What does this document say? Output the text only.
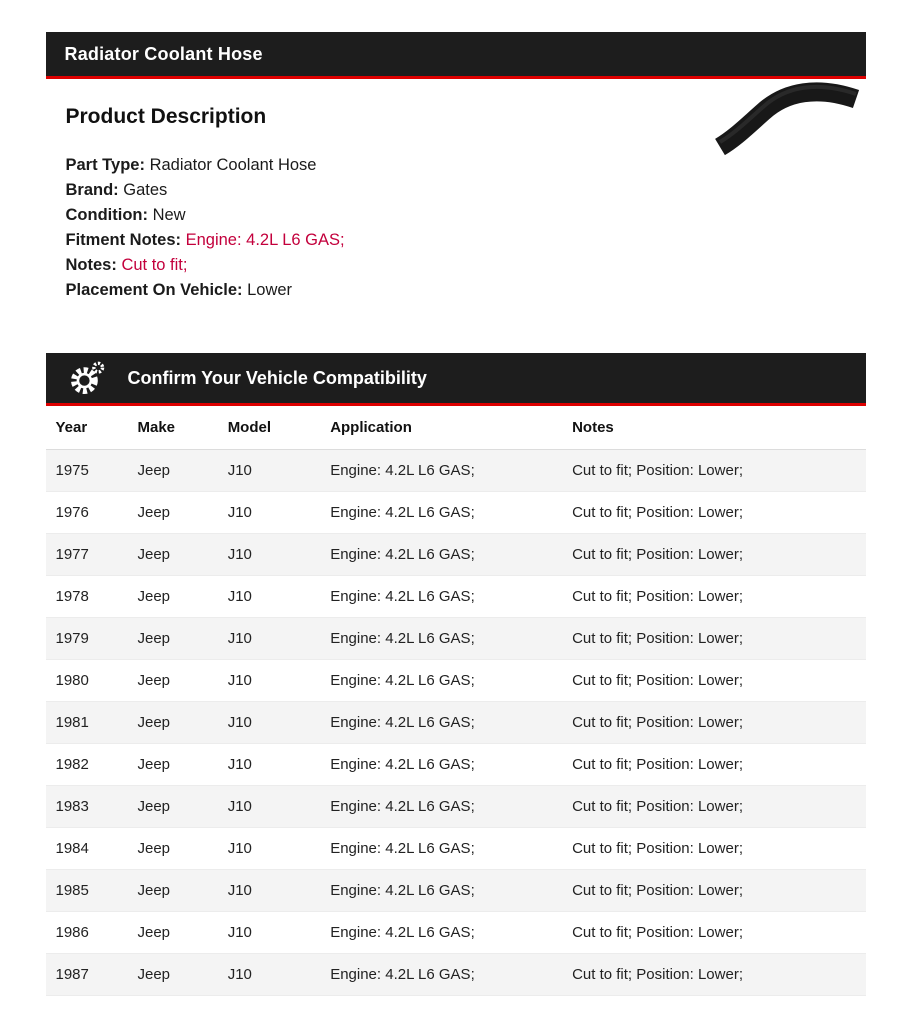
Radiator Coolant Hose
Product Description
Part Type: Radiator Coolant Hose
Brand: Gates
Condition: New
Fitment Notes: Engine: 4.2L L6 GAS;
Notes: Cut to fit;
Placement On Vehicle: Lower
Confirm Your Vehicle Compatibility
Year	Make	Model	Application	Notes
1975	Jeep	J10	Engine: 4.2L L6 GAS;	Cut to fit; Position: Lower;
1976	Jeep	J10	Engine: 4.2L L6 GAS;	Cut to fit; Position: Lower;
1977	Jeep	J10	Engine: 4.2L L6 GAS;	Cut to fit; Position: Lower;
1978	Jeep	J10	Engine: 4.2L L6 GAS;	Cut to fit; Position: Lower;
1979	Jeep	J10	Engine: 4.2L L6 GAS;	Cut to fit; Position: Lower;
1980	Jeep	J10	Engine: 4.2L L6 GAS;	Cut to fit; Position: Lower;
1981	Jeep	J10	Engine: 4.2L L6 GAS;	Cut to fit; Position: Lower;
1982	Jeep	J10	Engine: 4.2L L6 GAS;	Cut to fit; Position: Lower;
1983	Jeep	J10	Engine: 4.2L L6 GAS;	Cut to fit; Position: Lower;
1984	Jeep	J10	Engine: 4.2L L6 GAS;	Cut to fit; Position: Lower;
1985	Jeep	J10	Engine: 4.2L L6 GAS;	Cut to fit; Position: Lower;
1986	Jeep	J10	Engine: 4.2L L6 GAS;	Cut to fit; Position: Lower;
1987	Jeep	J10	Engine: 4.2L L6 GAS;	Cut to fit; Position: Lower;
